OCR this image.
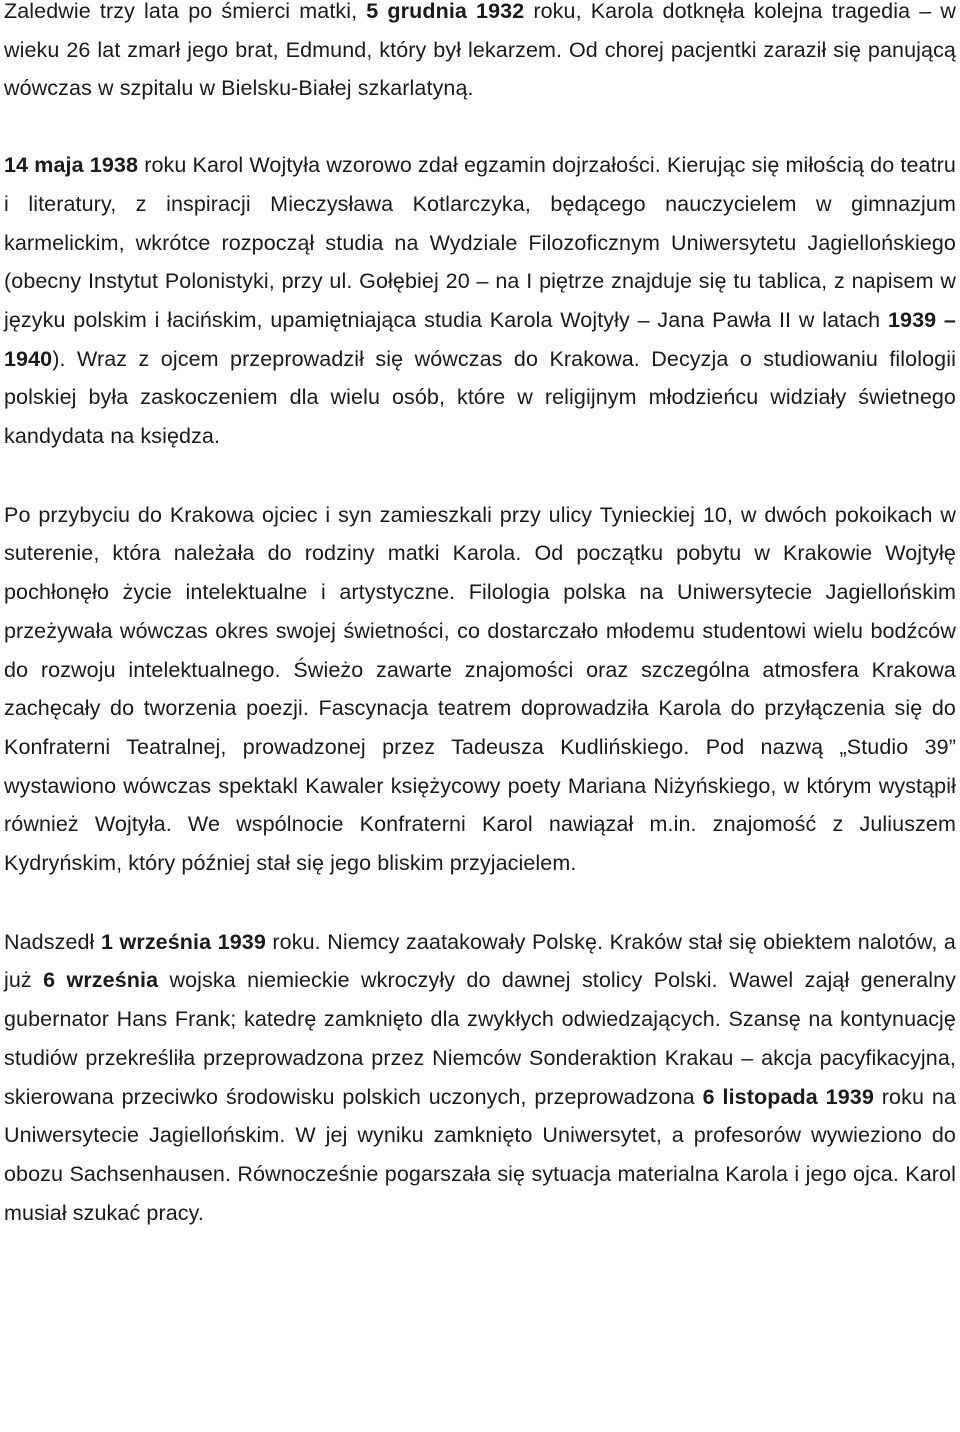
Zaledwie trzy lata po śmierci matki, 5 grudnia 1932 roku, Karola dotknęła kolejna tragedia – w wieku 26 lat zmarł jego brat, Edmund, który był lekarzem. Od chorej pacjentki zaraził się panującą wówczas w szpitalu w Bielsku-Białej szkarlatyną.

14 maja 1938 roku Karol Wojtyła wzorowo zdał egzamin dojrzałości. Kierując się miłością do teatru i literatury, z inspiracji Mieczysława Kotlarczyka, będącego nauczycielem w gimnazjum karmelickim, wkrótce rozpoczął studia na Wydziale Filozoficznym Uniwersytetu Jagiellońskiego (obecny Instytut Polonistyki, przy ul. Gołębiej 20 – na I piętrze znajduje się tu tablica, z napisem w języku polskim i łacińskim, upamiętniająca studia Karola Wojtyły – Jana Pawła II w latach 1939 – 1940). Wraz z ojcem przeprowadził się wówczas do Krakowa. Decyzja o studiowaniu filologii polskiej była zaskoczeniem dla wielu osób, które w religijnym młodzieńcu widziały świetnego kandydata na księdza.

Po przybyciu do Krakowa ojciec i syn zamieszkali przy ulicy Tynieckiej 10, w dwóch pokoikach w suterenie, która należała do rodziny matki Karola. Od początku pobytu w Krakowie Wojtyłę pochłonęło życie intelektualne i artystyczne. Filologia polska na Uniwersytecie Jagiellońskim przeżywała wówczas okres swojej świetności, co dostarczało młodemu studentowi wielu bodźców do rozwoju intelektualnego. Świeżo zawarte znajomości oraz szczególna atmosfera Krakowa zachęcały do tworzenia poezji. Fascynacja teatrem doprowadziła Karola do przyłączenia się do Konfraterni Teatralnej, prowadzonej przez Tadeusza Kudlińskiego. Pod nazwą „Studio 39” wystawiono wówczas spektakl Kawaler księżycowy poety Mariana Niżyńskiego, w którym wystąpił również Wojtyła. We wspólnocie Konfraterni Karol nawiązał m.in. znajomość z Juliuszem Kydryńskim, który później stał się jego bliskim przyjacielem.

Nadszedł 1 września 1939 roku. Niemcy zaatakowały Polskę. Kraków stał się obiektem nalotów, a już 6 września wojska niemieckie wkroczyły do dawnej stolicy Polski. Wawel zajął generalny gubernator Hans Frank; katedrę zamknięto dla zwykłych odwiedzających. Szansę na kontynuację studiów przekreśliła przeprowadzona przez Niemców Sonderaktion Krakau – akcja pacyfikacyjna, skierowana przeciwko środowisku polskich uczonych, przeprowadzona 6 listopada 1939 roku na Uniwersytecie Jagiellońskim. W jej wyniku zamknięto Uniwersytet, a profesorów wywieziono do obozu Sachsenhausen. Równocześnie pogarszała się sytuacja materialna Karola i jego ojca. Karol musiał szukać pracy.
